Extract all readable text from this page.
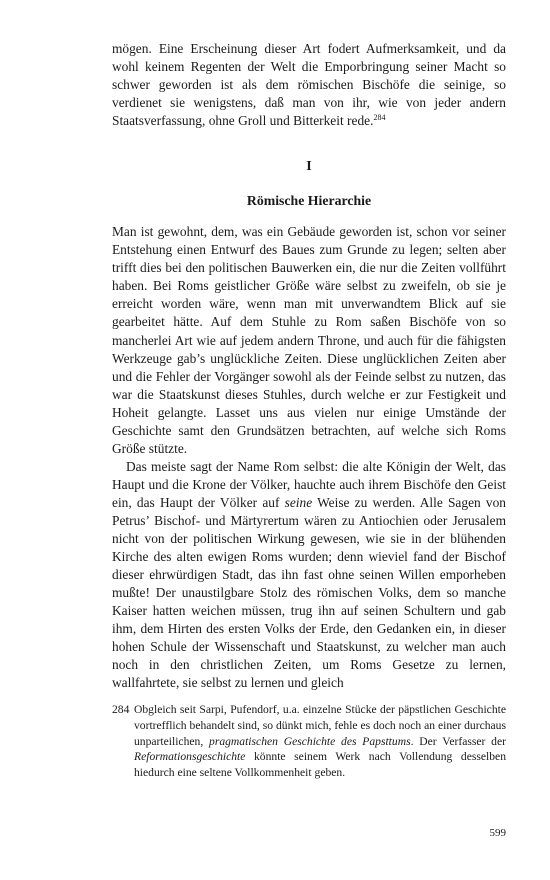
mögen. Eine Erscheinung dieser Art fodert Aufmerksamkeit, und da wohl keinem Regenten der Welt die Emporbringung seiner Macht so schwer geworden ist als dem römischen Bischöfe die seinige, so verdienet sie wenigstens, daß man von ihr, wie von jeder andern Staatsverfassung, ohne Groll und Bitterkeit rede.$^{284}$

I
Römische Hierarchie

Man ist gewohnt, dem, was ein Gebäude geworden ist, schon vor seiner Entstehung einen Entwurf des Baues zum Grunde zu legen; selten aber trifft dies bei den politischen Bauwerken ein, die nur die Zeiten vollführt haben. Bei Roms geistlicher Größe wäre selbst zu zweifeln, ob sie je erreicht worden wäre, wenn man mit unverwandtem Blick auf sie gearbeitet hätte. Auf dem Stuhle zu Rom saßen Bischöfe von so mancherlei Art wie auf jedem andern Throne, und auch für die fähigsten Werkzeuge gab’s unglückliche Zeiten. Diese unglücklichen Zeiten aber und die Fehler der Vorgänger sowohl als der Feinde selbst zu nutzen, das war die Staatskunst dieses Stuhles, durch welche er zur Festigkeit und Hoheit gelangte. Lasset uns aus vielen nur einige Umstände der Geschichte samt den Grundsätzen betrachten, auf welche sich Roms Größe stützte.

Das meiste sagt der Name Rom selbst: die alte Königin der Welt, das Haupt und die Krone der Völker, hauchte auch ihrem Bischöfe den Geist ein, das Haupt der Völker auf seine Weise zu werden. Alle Sagen von Petrus’ Bischof- und Märtyrertum wären zu Antiochien oder Jerusalem nicht von der politischen Wirkung gewesen, wie sie in der blühenden Kirche des alten ewigen Roms wurden; denn wieviel fand der Bischof dieser ehrwürdigen Stadt, das ihn fast ohne seinen Willen emporheben mußte! Der unaustilgbare Stolz des römischen Volks, dem so manche Kaiser hatten weichen müssen, trug ihn auf seinen Schultern und gab ihm, dem Hirten des ersten Volks der Erde, den Gedanken ein, in dieser hohen Schule der Wissenschaft und Staatskunst, zu welcher man auch noch in den christlichen Zeiten, um Roms Gesetze zu lernen, wallfahrtete, sie selbst zu lernen und gleich

284 Obgleich seit Sarpi, Pufendorf, u.a. einzelne Stücke der päpstlichen Geschichte vortrefflich behandelt sind, so dünkt mich, fehle es doch noch an einer durchaus unparteilichen, pragmatischen Geschichte des Papsttums. Der Verfasser der Reformationsgeschichte könnte seinem Werk nach Vollendung desselben hiedurch eine seltene Vollkommenheit geben.
599
